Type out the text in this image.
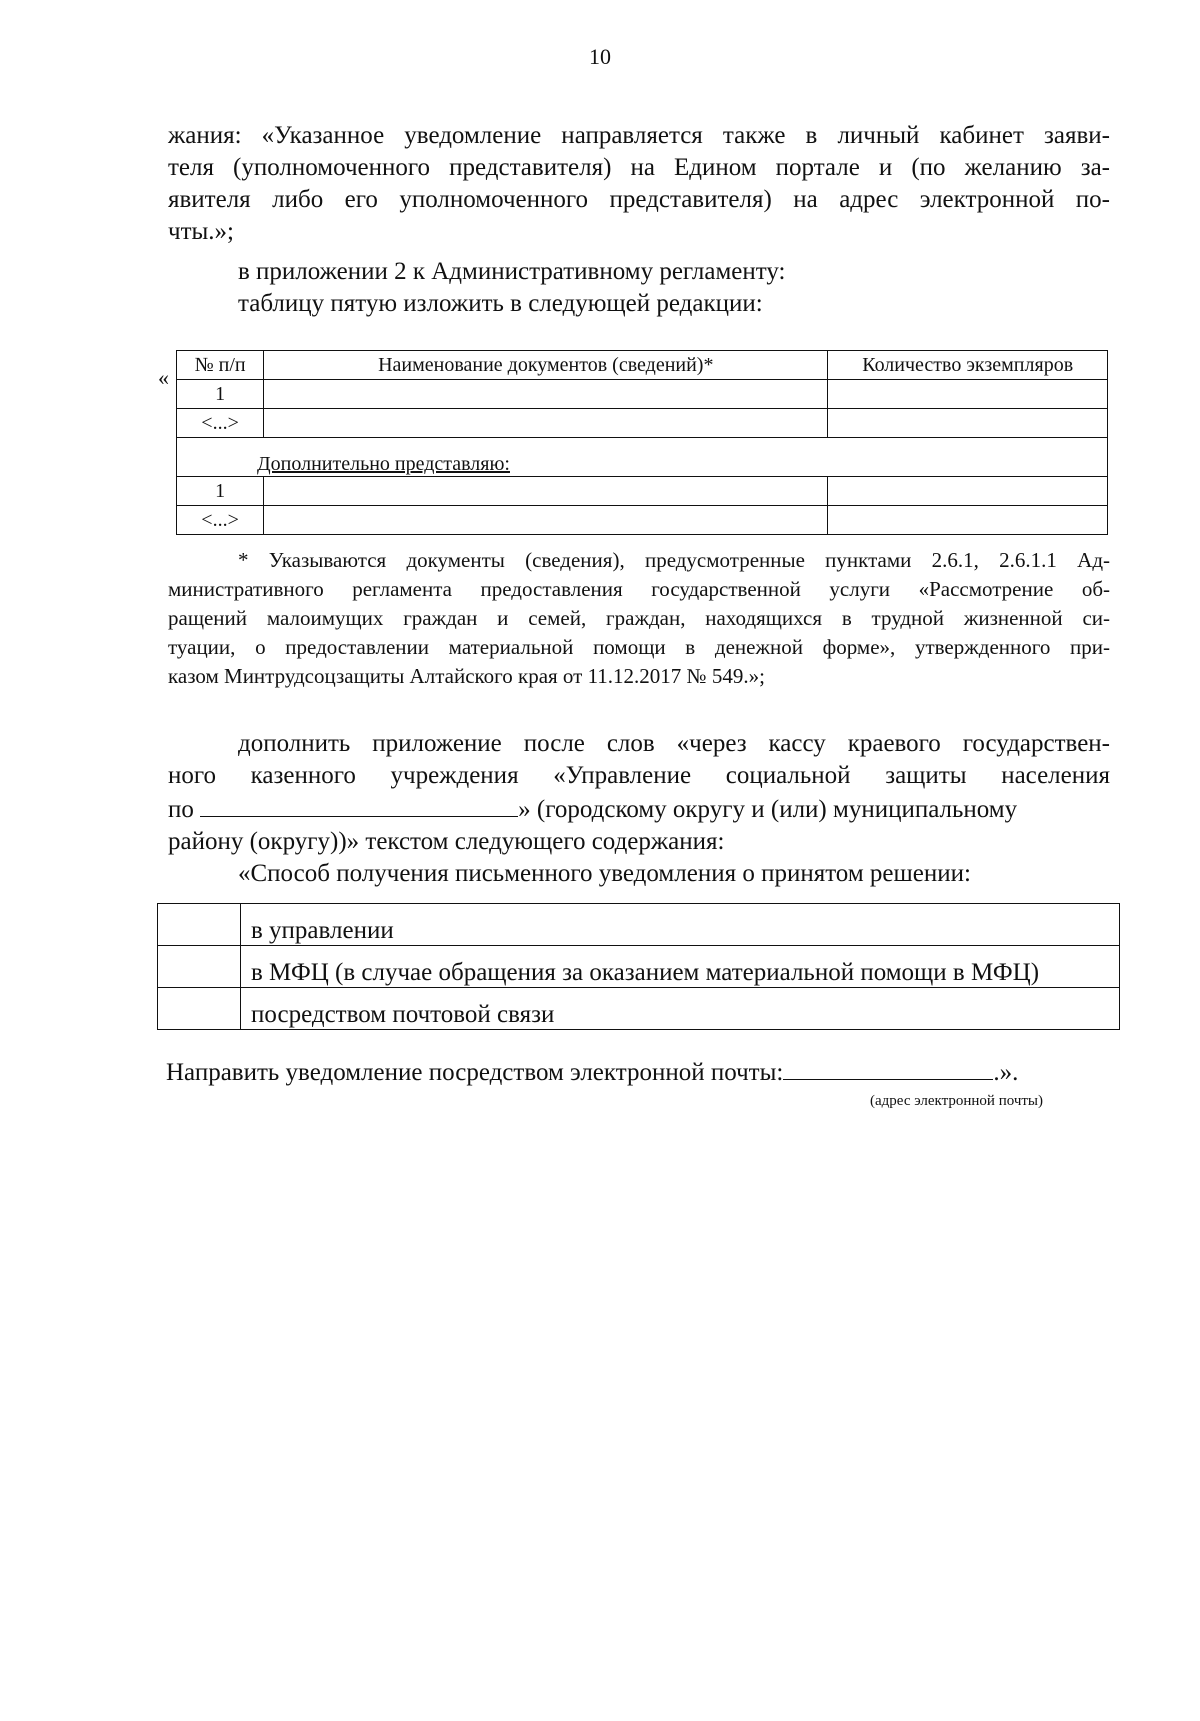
10
жания: «Указанное уведомление направляется также в личный кабинет заяви-
теля (уполномоченного представителя) на Едином портале и (по желанию за-
явителя либо его уполномоченного представителя) на адрес электронной по-
чты.»;
в приложении 2 к Административному регламенту:
таблицу пятую изложить в следующей редакции:
«
№ п/п	Наименование документов (сведений)*	Количество экземпляров
1		
<...>		
Дополнительно представляю:		
1		
<...>		
* Указываются документы (сведения), предусмотренные пунктами 2.6.1, 2.6.1.1 Ад-
министративного регламента предоставления государственной услуги «Рассмотрение об-
ращений малоимущих граждан и семей, граждан, находящихся в трудной жизненной си-
туации, о предоставлении материальной помощи в денежной форме», утвержденного при-
казом Минтрудсоцзащиты Алтайского края от 11.12.2017 № 549.»;
дополнить приложение после слов «через кассу краевого государствен-
ного казенного учреждения «Управление социальной защиты населения
по	» (городскому округу и (или) муниципальному
району (округу))» текстом следующего содержания:
«Способ получения письменного уведомления о принятом решении:
	в управлении
	в МФЦ (в случае обращения за оказанием материальной помощи в МФЦ)
	посредством почтовой связи
Направить уведомление посредством электронной почты:	.».
(адрес электронной почты)
